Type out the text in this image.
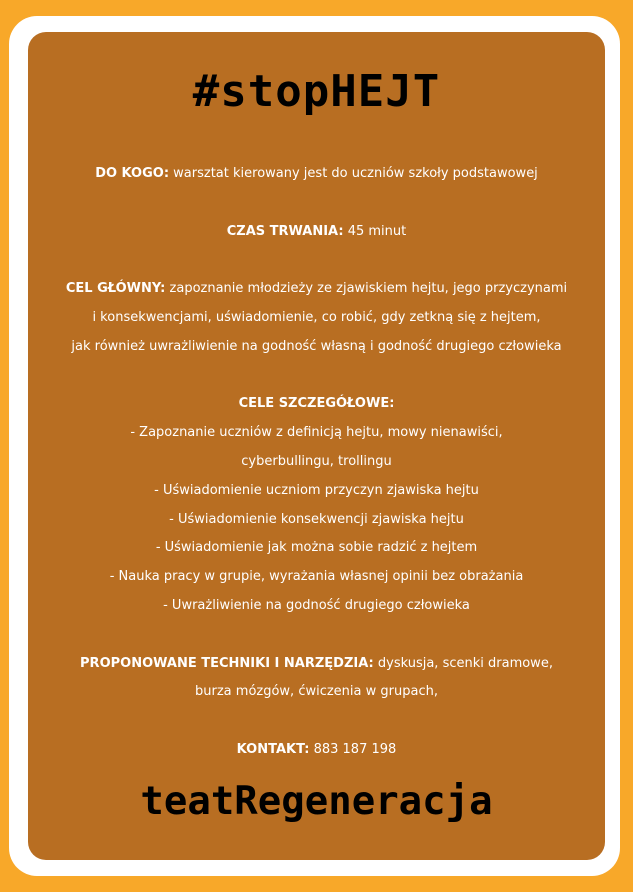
#stopHEJT
DO KOGO: warsztat kierowany jest do uczniów szkoły podstawowej
CZAS TRWANIA: 45 minut
CEL GŁÓWNY: zapoznanie młodzieży ze zjawiskiem hejtu, jego przyczynami
i konsekwencjami, uświadomienie, co robić, gdy zetkną się z hejtem,
jak również uwrażliwienie na godność własną i godność drugiego człowieka
CELE SZCZEGÓŁOWE:
- Zapoznanie uczniów z definicją hejtu, mowy nienawiści,
cyberbullingu, trollingu
- Uświadomienie uczniom przyczyn zjawiska hejtu
- Uświadomienie konsekwencji zjawiska hejtu
- Uświadomienie jak można sobie radzić z hejtem
- Nauka pracy w grupie, wyrażania własnej opinii bez obrażania
- Uwrażliwienie na godność drugiego człowieka
PROPONOWANE TECHNIKI I NARZĘDZIA: dyskusja, scenki dramowe,
burza mózgów, ćwiczenia w grupach,
KONTAKT: 883 187 198
teatRegeneracja
